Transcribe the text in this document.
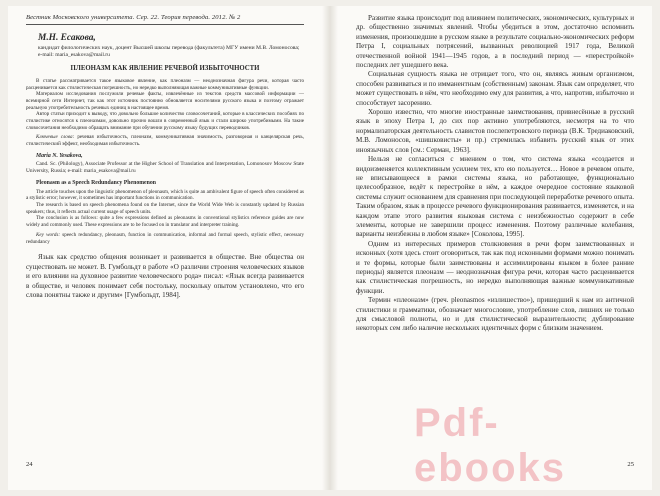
Вестник Московского университета. Сер. 22. Теория перевода. 2012. № 2
М.Н. Есакова,
кандидат филологических наук, доцент Высшей школы перевода (факультета) МГУ имени М.В. Ломоносова; e-mail: maria_esakova@mail.ru
ПЛЕОНАЗМ КАК ЯВЛЕНИЕ РЕЧЕВОЙ ИЗБЫТОЧНОСТИ

В статье рассматривается такое языковое явление, как плеоназм — неоднозначная фигура речи, которая часто расценивается как стилистическая погрешность, но нередко выполняющая важные коммуникативные функции.

Материалом исследования послужили речевые факты, извлечённые из текстов средств массовой информации — всемирной сети Интернет, так как этот источник постоянно обновляется носителями русского языка и поэтому отражает реальную употребительность речевых единиц в настоящее время.

Автор статьи приходит к выводу, что довольно большое количество словосочетаний, которые в классических пособиях по стилистике относятся к плеоназмам, довольно прочно вошли в современный язык и стали широко употребимыми. На такие словосочетания необходимо обращать внимание при обучении русскому языку будущих переводчиков.

Ключевые слова: речевая избыточность, плеоназм, коммуникативная значимость, разговорная и канцелярская речь, стилистический эффект, необходимая избыточность.

Maria N. Yesakova,

Cand. Sc. (Philology), Associate Professor at the Higher School of Translation and Interpretation, Lomonosov Moscow State University, Russia; e-mail: maria_esakova@mail.ru

Pleonasm as a Speech Redundancy Phenomenon

The article touches upon the linguistic phenomenon of pleonasm, which is quite an ambivalent figure of speech often considered as a stylistic error; however, it sometimes has important functions in communication.

The research is based on speech phenomena found on the Internet, since the World Wide Web is constantly updated by Russian speakers; thus, it reflects actual current usage of speech units.

The conclusion is as follows: quite a few expressions defined as pleonasms in conventional stylistics reference guides are now widely and commonly used. These expressions are to be focused on in translator and interpreter training.

Key words: speech redundancy, pleonasm, function in communication, informal and formal speech, stylistic effect, necessary redundancy

Язык как средство общения возникает и развивается в обществе. Вне общества он существовать не может. В. Гумбольдт в работе «О различии строения человеческих языков и его влиянии на духовное развитие человеческого рода» писал: «Язык всегда развивается в обществе, и человек понимает себя постольку, поскольку опытом установлено, что его слова понятны также и другим» [Гумбольдт, 1984].

24

Развитие языка происходит под влиянием политических, экономических, культурных и др. общественно значимых явлений. Чтобы убедиться в этом, достаточно вспомнить изменения, произошедшие в русском языке в результате социально-экономических реформ Петра I, социальных потрясений, вызванных революцией 1917 года, Великой отечественной войной 1941—1945 годов, а в последний период — «перестройкой» последних лет ушедшего века.

Социальная сущность языка не отрицает того, что он, являясь живым организмом, способен развиваться и по имманентным (собственным) законам. Язык сам определяет, что может существовать в нём, что необходимо ему для развития, а что, напротив, избыточно и способствует засорению.

Хорошо известно, что многие иностранные заимствования, привнесённые в русский язык в эпоху Петра I, до сих пор активно употребляются, несмотря на то что нормализаторская деятельность славистов послепетровского периода (В.К. Тредиаковский, М.В. Ломоносов, «шишковисты» и пр.) стремилась избавить русский язык от этих иноязычных слов [см.: Серман, 1963].

Нельзя не согласиться с мнением о том, что система языка «создается и видоизменяется коллективным усилием тех, кто ею пользуется… Новое в речевом опыте, не вписывающееся в рамки системы языка, но работающее, функционально целесообразное, ведёт к перестройке в нём, а каждое очередное состояние языковой системы служит основанием для сравнения при последующей переработке речевого опыта. Таким образом, язык в процессе речевого функционирования развивается, изменяется, и на каждом этапе этого развития языковая система с неизбежностью содержит в себе элементы, которые не завершили процесс изменения. Поэтому различные колебания, варианты неизбежны в любом языке» [Соколова, 1995].

Одним из интересных примеров столкновения в речи форм заимствованных и исконных (хотя здесь стоит оговориться, так как под исконными формами можно понимать и те формы, которые были заимствованы и ассимилированы языком в более ранние периоды) является плеоназм — неоднозначная фигура речи, которая часто расценивается как стилистическая погрешность, но нередко выполняющая важные коммуникативные функции.

Термин «плеоназм» (греч. pleonasmos «излишество»), пришедший к нам из античной стилистики и грамматики, обозначает многословие, употребление слов, лишних не только для смысловой полноты, но и для стилистической выразительности; дублирование некоторых сем либо наличие нескольких идентичных форм с близким значением.

25
Pdf-ebooks
